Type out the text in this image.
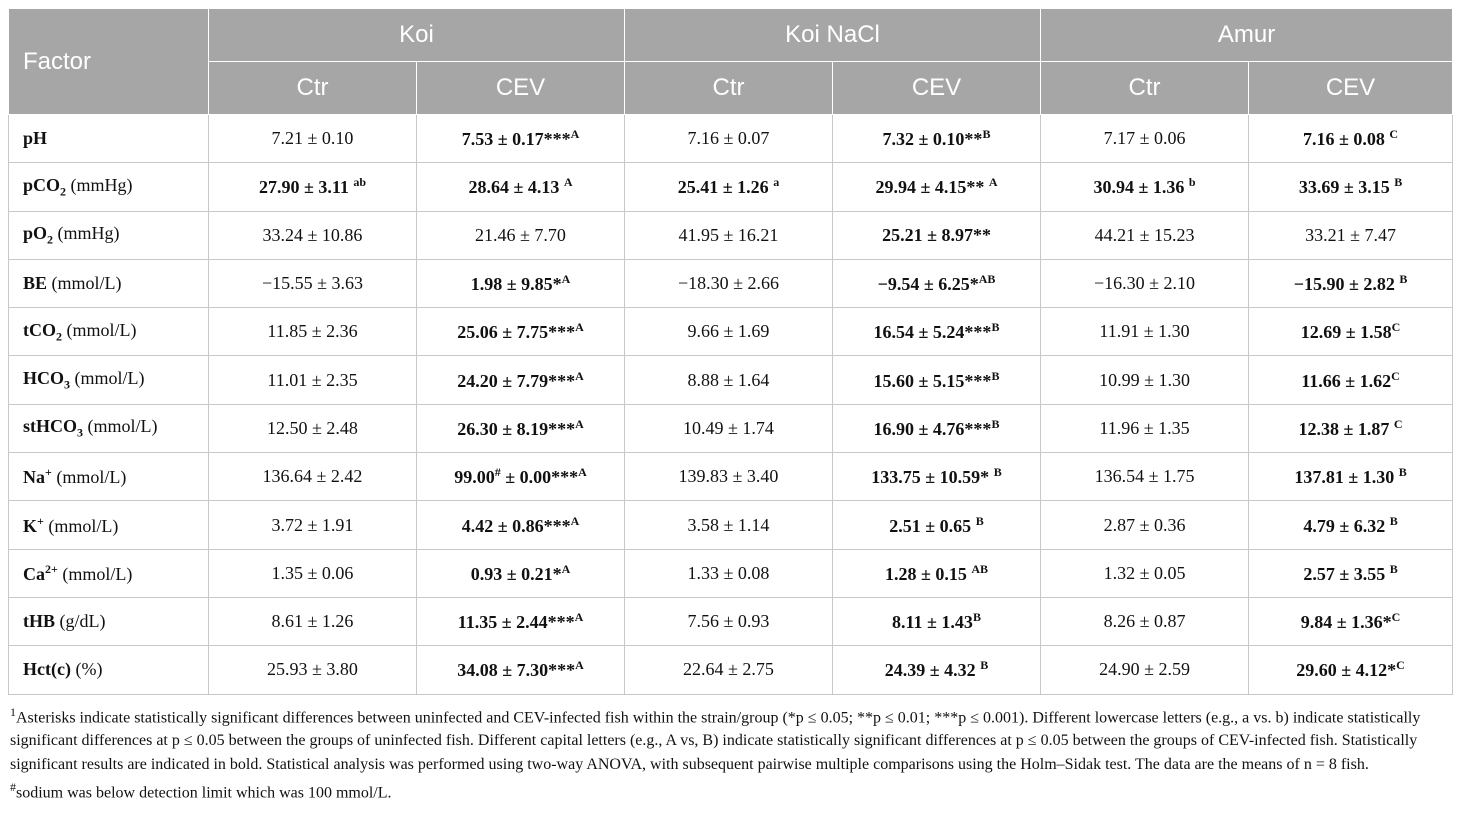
Factor	Koi		Koi NaCl		Amur	
	Ctr	CEV	Ctr	CEV	Ctr	CEV
pH	7.21 ± 0.10	7.53 ± 0.17***$^A$	7.16 ± 0.07	7.32 ± 0.10**$^B$	7.17 ± 0.06	7.16 ± 0.08 $^C$
pCO$_2$ (mmHg)	27.90 ± 3.11 $^{ab}$	28.64 ± 4.13 $^A$	25.41 ± 1.26 $^a$	29.94 ± 4.15** $^A$	30.94 ± 1.36 $^b$	33.69 ± 3.15 $^B$
$pO_2$ (mmHg)	33.24 ± 10.86	21.46 ± 7.70	41.95 ± 16.21	25.21 ± 8.97**	44.21 ± 15.23	33.21 ± 7.47
BE (mmol/L)	−15.55 ± 3.63	1.98 ± 9.85*$^A$	−18.30 ± 2.66	−9.54 ± 6.25*$^{AB}$	−16.30 ± 2.10	−15.90 ± 2.82 $^B$
tCO$_2$ (mmol/L)	11.85 ± 2.36	25.06 ± 7.75***$^A$	9.66 ± 1.69	16.54 ± 5.24***$^B$	11.91 ± 1.30	$12.69 \pm 1.58^C$
$HCO_3$ (mmol/L)	11.01 ± 2.35	24.20 ± 7.79***$^A$	8.88 ± 1.64	15.60 ± 5.15***$^B$	10.99 ± 1.30	$11.66 \pm 1.62^C$
stHCO$_3$ (mmol/L)	12.50 ± 2.48	26.30 ± 8.19***$^A$	10.49 ± 1.74	16.90 ± 4.76***$^B$	11.96 ± 1.35	12.38 ± 1.87 $^C$
Na+ (mmol/L)	136.64 ± 2.42	99.00# ± 0.00***$^A$	139.83 ± 3.40	133.75 ± 10.59* $^B$	136.54 ± 1.75	137.81 ± 1.30 $^B$
K+ (mmol/L)	3.72 ± 1.91	4.42 ± 0.86***$^A$	3.58 ± 1.14	2.51 ± 0.65 $^B$	2.87 ± 0.36	4.79 ± 6.32 $^B$
$Ca^{2+}$ (mmol/L)	1.35 ± 0.06	0.93 ± 0.21*$^A$	1.33 ± 0.08	1.28 ± 0.15 $^{AB}$	1.32 ± 0.05	2.57 ± 3.55 $^B$
tHB (g/dL)	8.61 ± 1.26	11.35 ± 2.44***$^A$	7.56 ± 0.93	$8.11 \pm 1.43^B$	8.26 ± 0.87	9.84 ± 1.36*$^C$
Hct(c) (%)	25.93 ± 3.80	34.08 ± 7.30***$^A$	22.64 ± 2.75	24.39 ± 4.32 $^B$	24.90 ± 2.59	29.60 ± 4.12*$^C$

$^1$Asterisks indicate statistically significant differences between uninfected and CEV-infected fish within the strain/group (*p ≤ 0.05; **p ≤ 0.01; ***p ≤ 0.001). Different lowercase letters (e.g., a vs. b) indicate statistically significant differences at p ≤ 0.05 between the groups of uninfected fish. Different capital letters (e.g., A vs, B) indicate statistically significant differences at p ≤ 0.05 between the groups of CEV-infected fish. Statistically significant results are indicated in bold. Statistical analysis was performed using two-way ANOVA, with subsequent pairwise multiple comparisons using the Holm–Sidak test. The data are the means of n = 8 fish.

#sodium was below detection limit which was 100 mmol/L.
